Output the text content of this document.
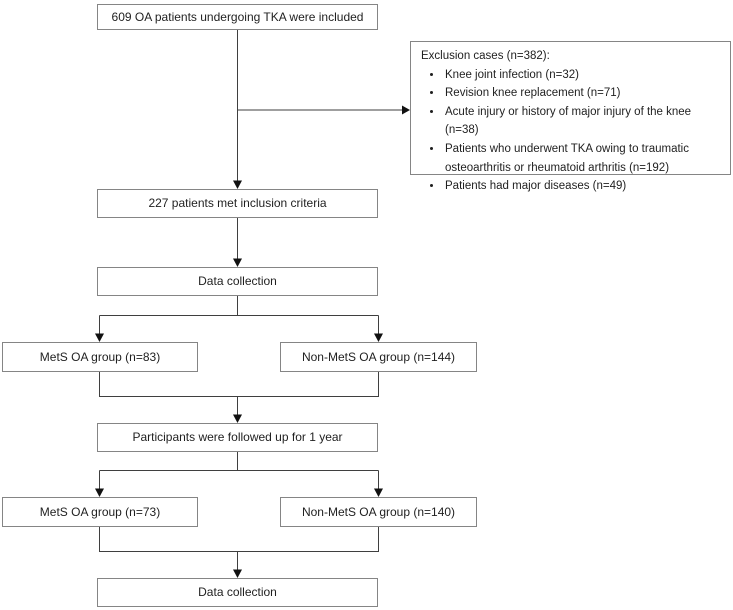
609 OA patients undergoing TKA were included
Exclusion cases (n=382):
• Knee joint infection (n=32)
• Revision knee replacement (n=71)
• Acute injury or history of major injury of the knee (n=38)
• Patients who underwent TKA owing to traumatic osteoarthritis or rheumatoid arthritis (n=192)
• Patients had major diseases (n=49)
227 patients met inclusion criteria
Data collection
MetS OA group (n=83)	Non-MetS OA group (n=144)
Participants were followed up for 1 year
MetS OA group (n=73)	Non-MetS OA group (n=140)
Data collection
